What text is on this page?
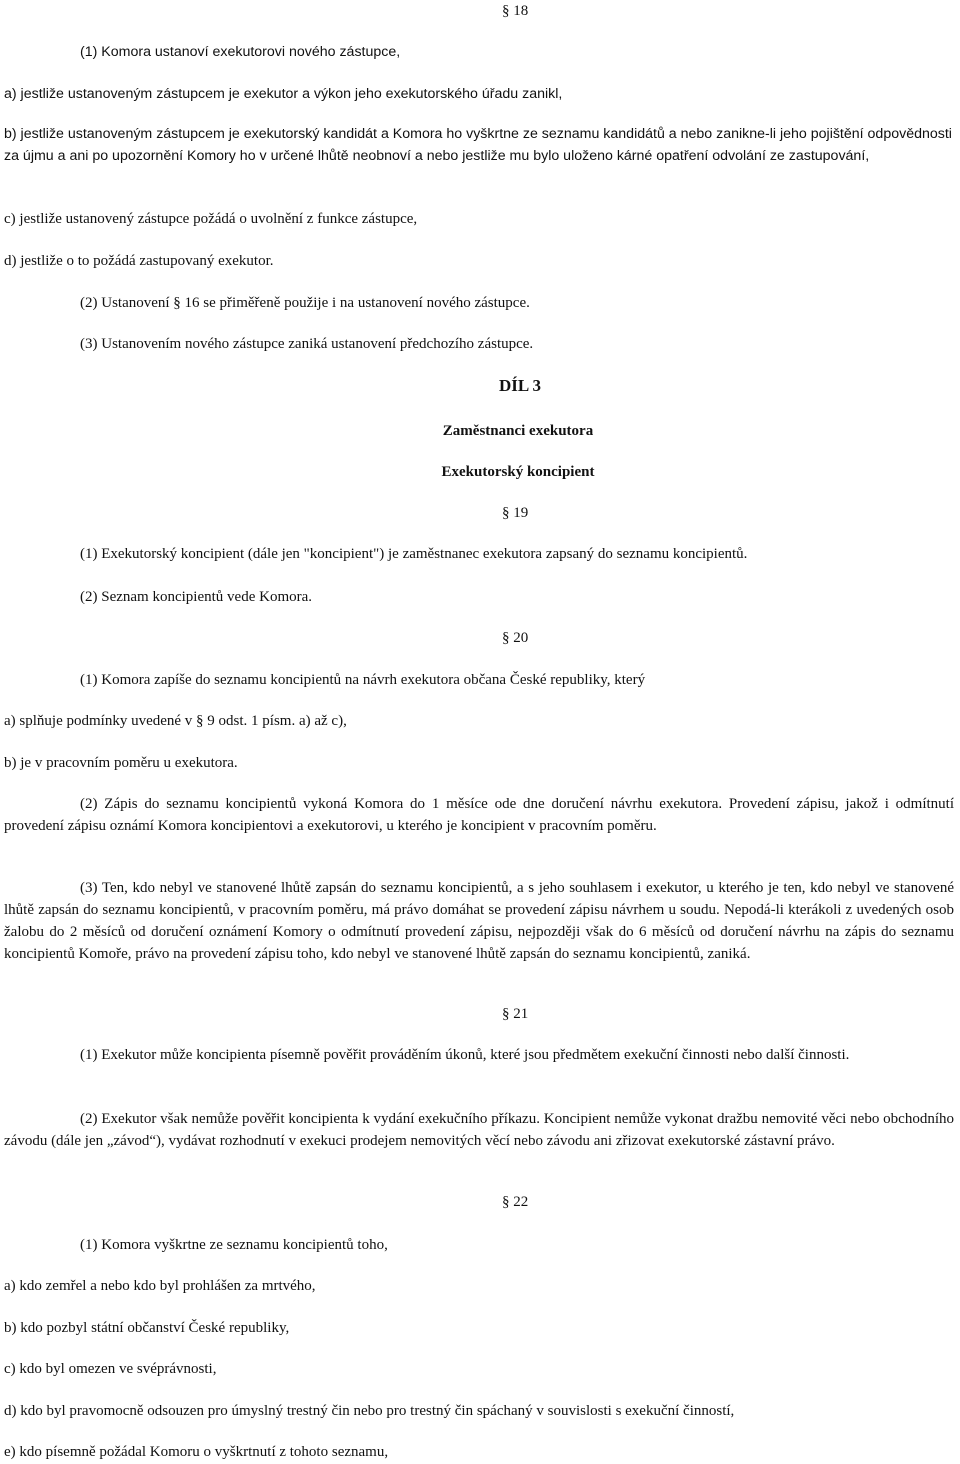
§ 18
(1) Komora ustanoví exekutorovi nového zástupce,
a) jestliže ustanoveným zástupcem je exekutor a výkon jeho exekutorského úřadu zanikl,
b) jestliže ustanoveným zástupcem je exekutorský kandidát a Komora ho vyškrtne ze seznamu kandidátů a nebo zanikne-li jeho pojištění odpovědnosti za újmu a ani po upozornění Komory ho v určené lhůtě neobnoví a nebo jestliže mu bylo uloženo kárné opatření odvolání ze zastupování,
c) jestliže ustanovený zástupce požádá o uvolnění z funkce zástupce,
d) jestliže o to požádá zastupovaný exekutor.
(2) Ustanovení § 16 se přiměřeně použije i na ustanovení nového zástupce.
(3) Ustanovením nového zástupce zaniká ustanovení předchozího zástupce.
DÍL 3
Zaměstnanci exekutora
Exekutorský koncipient
§ 19
(1) Exekutorský koncipient (dále jen "koncipient") je zaměstnanec exekutora zapsaný do seznamu koncipientů.
(2) Seznam koncipientů vede Komora.
§ 20
(1) Komora zapíše do seznamu koncipientů na návrh exekutora občana České republiky, který
a) splňuje podmínky uvedené v § 9 odst. 1 písm. a) až c),
b) je v pracovním poměru u exekutora.
(2) Zápis do seznamu koncipientů vykoná Komora do 1 měsíce ode dne doručení návrhu exekutora. Provedení zápisu, jakož i odmítnutí provedení zápisu oznámí Komora koncipientovi a exekutorovi, u kterého je koncipient v pracovním poměru.
(3) Ten, kdo nebyl ve stanovené lhůtě zapsán do seznamu koncipientů, a s jeho souhlasem i exekutor, u kterého je ten, kdo nebyl ve stanovené lhůtě zapsán do seznamu koncipientů, v pracovním poměru, má právo domáhat se provedení zápisu návrhem u soudu. Nepodá-li kterákoli z uvedených osob žalobu do 2 měsíců od doručení oznámení Komory o odmítnutí provedení zápisu, nejpozději však do 6 měsíců od doručení návrhu na zápis do seznamu koncipientů Komoře, právo na provedení zápisu toho, kdo nebyl ve stanovené lhůtě zapsán do seznamu koncipientů, zaniká.
§ 21
(1) Exekutor může koncipienta písemně pověřit prováděním úkonů, které jsou předmětem exekuční činnosti nebo další činnosti.
(2) Exekutor však nemůže pověřit koncipienta k vydání exekučního příkazu. Koncipient nemůže vykonat dražbu nemovité věci nebo obchodního závodu (dále jen „závod“), vydávat rozhodnutí v exekuci prodejem nemovitých věcí nebo závodu ani zřizovat exekutorské zástavní právo.
§ 22
(1) Komora vyškrtne ze seznamu koncipientů toho,
a) kdo zemřel a nebo kdo byl prohlášen za mrtvého,
b) kdo pozbyl státní občanství České republiky,
c) kdo byl omezen ve svéprávnosti,
d) kdo byl pravomocně odsouzen pro úmyslný trestný čin nebo pro trestný čin spáchaný v souvislosti s exekuční činností,
e) kdo písemně požádal Komoru o vyškrtnutí z tohoto seznamu,
